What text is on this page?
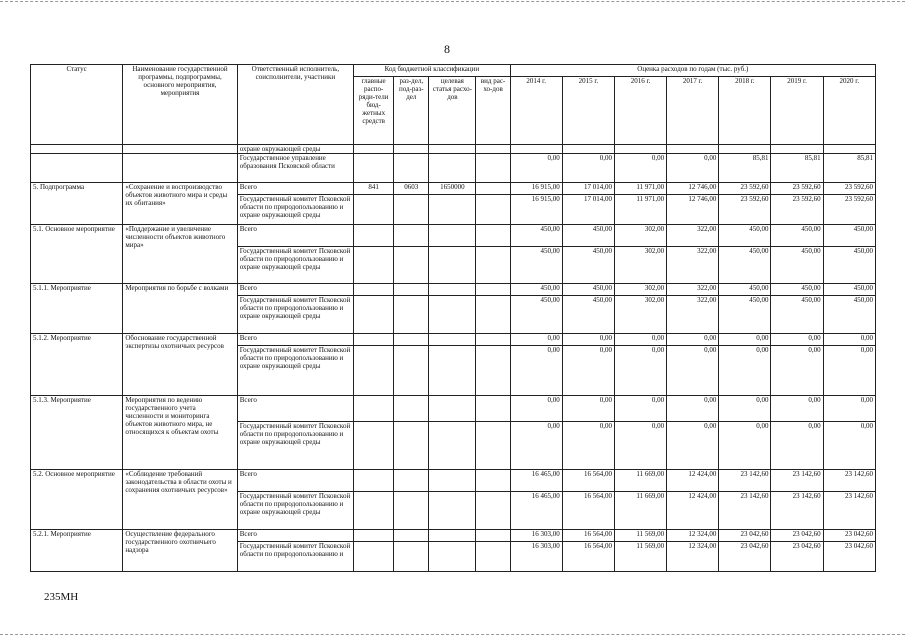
8
Статус	Наименование государственной программы, подпрограммы, основного мероприятия, мероприятия	Ответственный исполнитель, соисполнители, участники	Код бюджетной классификации				Оценка расходов по годам (тыс. руб.)						
			главные распо-ряди-тели бюд-жетных средств	раз-дел, под-раз-дел	целевая статья расхо-дов	вид рас-хо-дов	2014 г.	2015 г.	2016 г.	2017 г.	2018 г.	2019 г.	2020 г.
		охране окружающей среды											
		Государственное управление образования Псковской области					0,00	0,00	0,00	0,00	85,81	85,81	85,81
5. Подпрограмма	«Сохранение и воспроизводство объектов животного мира и среды их обитания»	Всего	841	0603	1650000		16 915,00	17 014,00	11 971,00	12 746,00	23 592,60	23 592,60	23 592,60
		Государственный комитет Псковской области по природопользованию и охране окружающей среды					16 915,00	17 014,00	11 971,00	12 746,00	23 592,60	23 592,60	23 592,60
5.1. Основное мероприятие	«Поддержание и увеличение численности объектов животного мира»	Всего					450,00	450,00	302,00	322,00	450,00	450,00	450,00
		Государственный комитет Псковской области по природопользованию и охране окружающей среды					450,00	450,00	302,00	322,00	450,00	450,00	450,00
5.1.1. Мероприятие	Мероприятия по борьбе с волками	Всего					450,00	450,00	302,00	322,00	450,00	450,00	450,00
		Государственный комитет Псковской области по природопользованию и охране окружающей среды					450,00	450,00	302,00	322,00	450,00	450,00	450,00
5.1.2. Мероприятие	Обоснование государственной экспертизы охотничьих ресурсов	Всего					0,00	0,00	0,00	0,00	0,00	0,00	0,00
		Государственный комитет Псковской области по природопользованию и охране окружающей среды					0,00	0,00	0,00	0,00	0,00	0,00	0,00
5.1.3. Мероприятие	Мероприятия по ведению государственного учета численности и мониторинга объектов животного мира, не относящихся к объектам охоты	Всего					0,00	0,00	0,00	0,00	0,00	0,00	0,00
		Государственный комитет Псковской области по природопользованию и охране окружающей среды					0,00	0,00	0,00	0,00	0,00	0,00	0,00
5.2. Основное мероприятие	«Соблюдение требований законодательства в области охоты и сохранения охотничьих ресурсов»	Всего					16 465,00	16 564,00	11 669,00	12 424,00	23 142,60	23 142,60	23 142,60
		Государственный комитет Псковской области по природопользованию и охране окружающей среды					16 465,00	16 564,00	11 669,00	12 424,00	23 142,60	23 142,60	23 142,60
5.2.1. Мероприятие	Осуществление федерального государственного охотничьего надзора	Всего					16 303,00	16 564,00	11 569,00	12 324,00	23 042,60	23 042,60	23 042,60
		Государственный комитет Псковской области по природопользованию и					16 303,00	16 564,00	11 569,00	12 324,00	23 042,60	23 042,60	23 042,60
235МН
